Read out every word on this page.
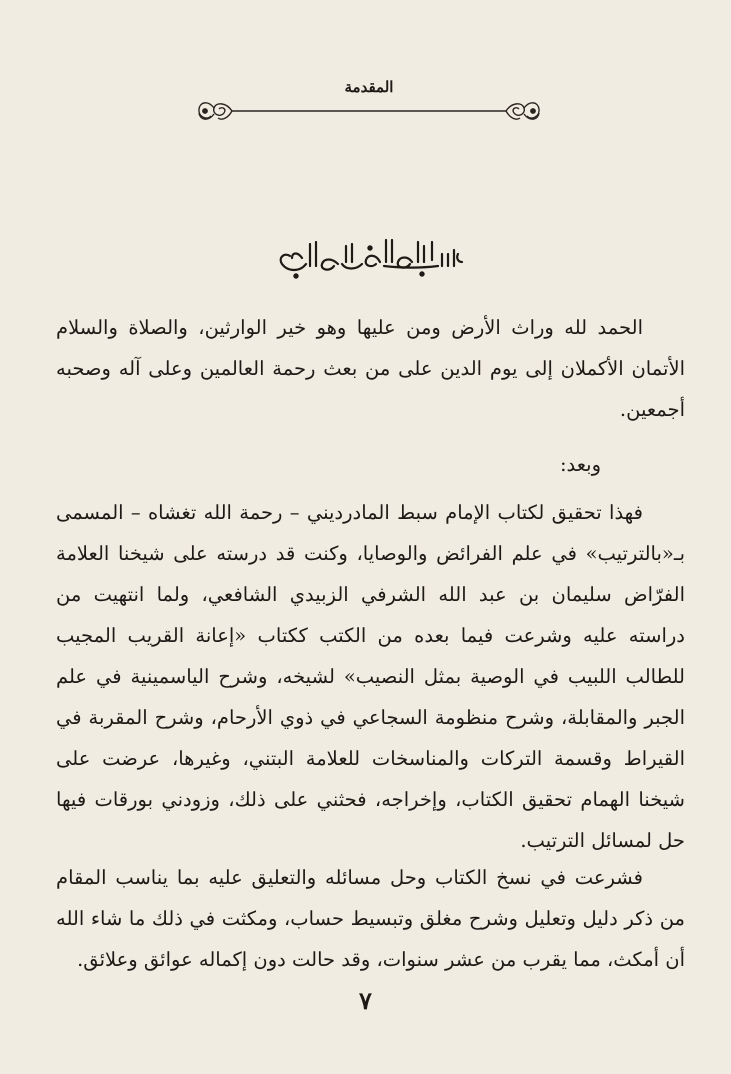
المقدمة
بسم الله الرحمن الرحيم

الحمد لله وراث الأرض ومن عليها وهو خير الوارثين، والصلاة والسلام الأتمان الأكملان إلى يوم الدين على من بعث رحمة العالمين وعلى آله وصحبه أجمعين.

وبعد:

فهذا تحقيق لكتاب الإمام سبط المادرديني – رحمة الله تغشاه – المسمى بـ«بالترتيب» في علم الفرائض والوصايا، وكنت قد درسته على شيخنا العلامة الفرّاض سليمان بن عبد الله الشرفي الزبيدي الشافعي، ولما انتهيت من دراسته عليه وشرعت فيما بعده من الكتب ككتاب «إعانة القريب المجيب للطالب اللبيب في الوصية بمثل النصيب» لشيخه، وشرح الياسمينية في علم الجبر والمقابلة، وشرح منظومة السجاعي في ذوي الأرحام، وشرح المقربة في القيراط وقسمة التركات والمناسخات للعلامة البتني، وغيرها، عرضت على شيخنا الهمام تحقيق الكتاب، وإخراجه، فحثني على ذلك، وزودني بورقات فيها حل لمسائل الترتيب.

فشرعت في نسخ الكتاب وحل مسائله والتعليق عليه بما يناسب المقام من ذكر دليل وتعليل وشرح مغلق وتبسيط حساب، ومكثت في ذلك ما شاء الله أن أمكث، مما يقرب من عشر سنوات، وقد حالت دون إكماله عوائق وعلائق.

٧
